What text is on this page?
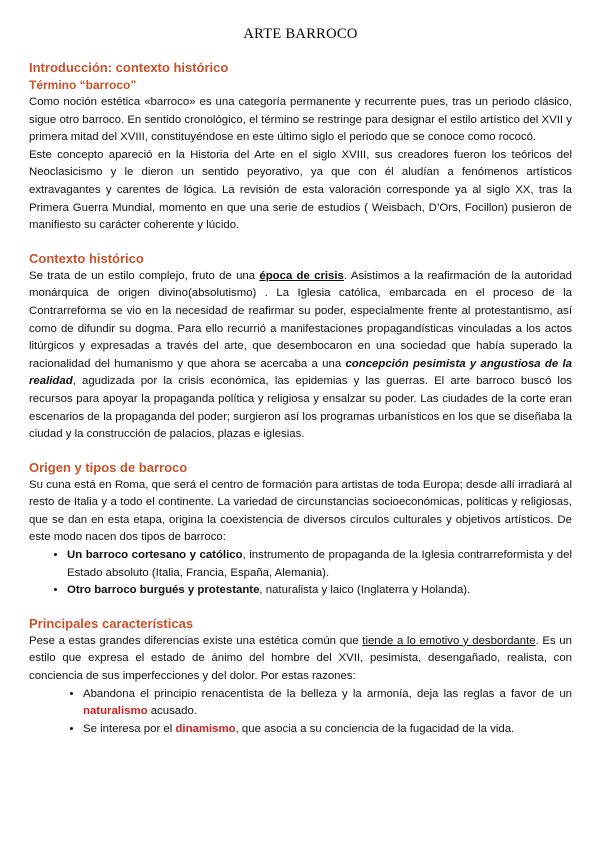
ARTE BARROCO
Introducción: contexto histórico
Término “barroco”

Como noción estética «barroco» es una categoría permanente y recurrente pues, tras un periodo clásico, sigue otro barroco. En sentido cronológico, el término se restringe para designar el estilo artístico del XVII y primera mitad del XVIII, constituyéndose en este último siglo el periodo que se conoce como rococó.

Este concepto apareció en la Historia del Arte en el siglo XVIII, sus creadores fueron los teóricos del Neoclasicismo y le dieron un sentido peyorativo, ya que con él aludían a fenómenos artísticos extravagantes y carentes de lógica. La revisión de esta valoración corresponde ya al siglo XX, tras la Primera Guerra Mundial, momento en que una serie de estudios ( Weisbach, D’Ors, Focillon) pusieron de manifiesto su carácter coherente y lúcido.

Contexto histórico

Se trata de un estilo complejo, fruto de una época de crisis. Asistimos a la reafirmación de la autoridad monárquica de origen divino(absolutismo) . La Iglesia católica, embarcada en el proceso de la Contrarreforma se vio en la necesidad de reafirmar su poder, especialmente frente al protestantismo, así como de difundir su dogma. Para ello recurrió a manifestaciones propagandísticas vinculadas a los actos litúrgicos y expresadas a través del arte, que desembocaron en una sociedad que había superado la racionalidad del humanismo y que ahora se acercaba a una concepción pesimista y angustiosa de la realidad, agudizada por la crisis económica, las epidemias y las guerras. El arte barroco buscó los recursos para apoyar la propaganda política y religiosa y ensalzar su poder. Las ciudades de la corte eran escenarios de la propaganda del poder; surgieron así los programas urbanísticos en los que se diseñaba la ciudad y la construcción de palacios, plazas e iglesias.

Origen y tipos de barroco

Su cuna está en Roma, que será el centro de formación para artistas de toda Europa; desde allí irradiará al resto de Italia y a todo el continente. La variedad de circunstancias socioeconómicas, políticas y religiosas, que se dan en esta etapa, origina la coexistencia de diversos círculos culturales y objetivos artísticos. De este modo nacen dos tipos de barroco:

• Un barroco cortesano y católico, instrumento de propaganda de la Iglesia contrarreformista y del Estado absoluto (Italia, Francia, España, Alemania).
• Otro barroco burgués y protestante, naturalista y laico (Inglaterra y Holanda).
Principales características

Pese a estas grandes diferencias existe una estética común que tiende a lo emotivo y desbordante. Es un estilo que expresa el estado de ánimo del hombre del XVII, pesimista, desengañado, realista, con conciencia de sus imperfecciones y del dolor. Por estas razones:

• Abandona el principio renacentista de la belleza y la armonía, deja las reglas a favor de un naturalismo acusado.
• Se interesa por el dinamismo, que asocia a su conciencia de la fugacidad de la vida.
